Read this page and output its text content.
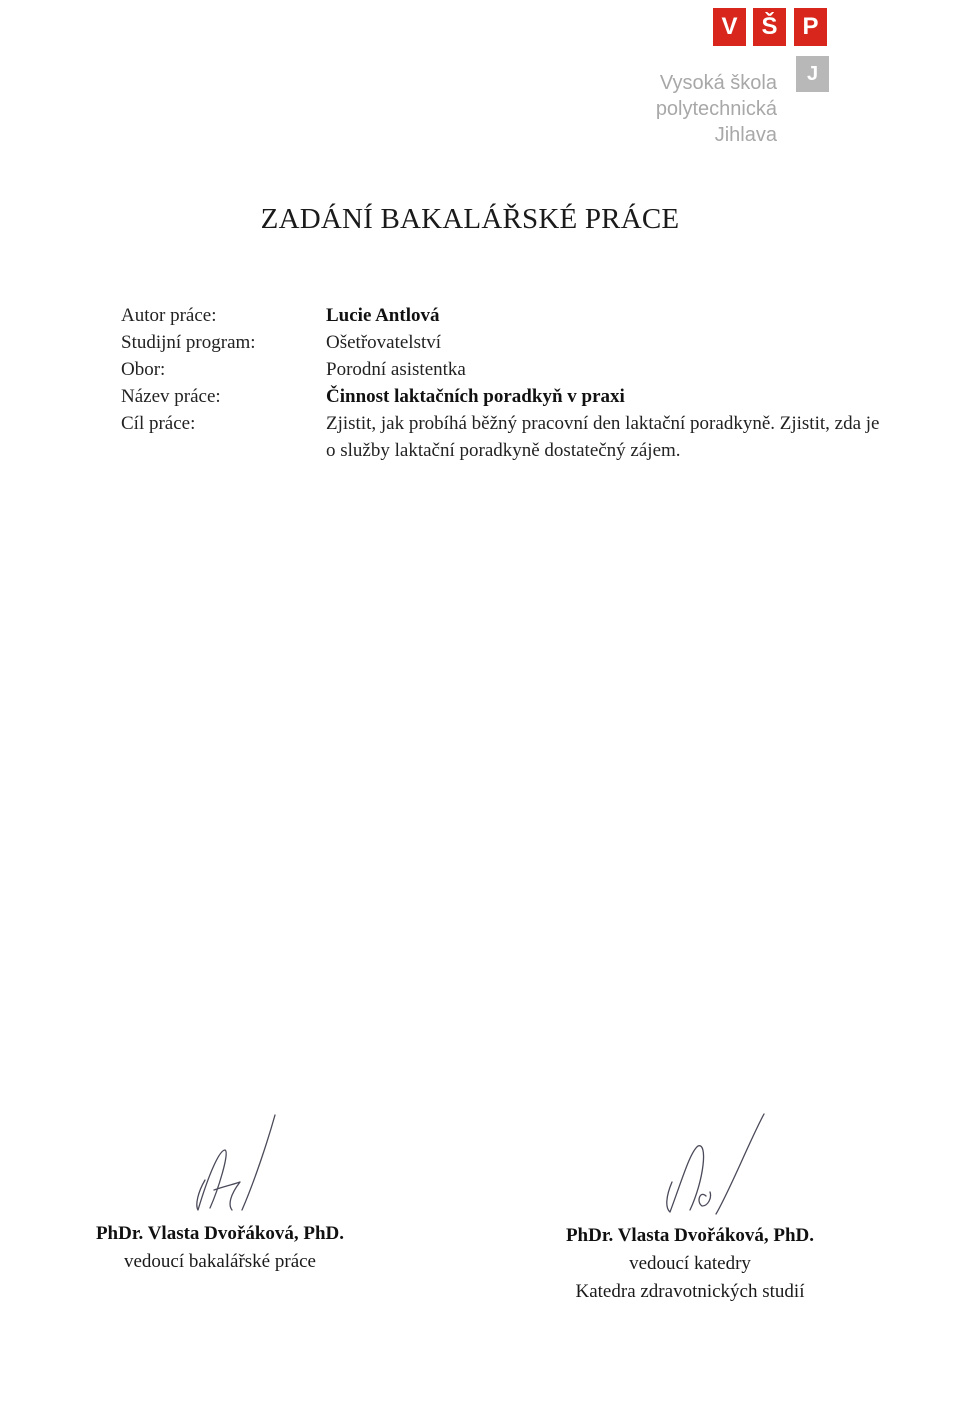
V Š	P
J
Vysoká škola
polytechnická
Jihlava
ZADÁNÍ BAKALÁŘSKÉ PRÁCE
Autor práce:	Lucie Antlová
Studijní program:	Ošetřovatelství
Obor:	Porodní asistentka
Název práce:	Činnost laktačních poradkyň v praxi
Cíl práce:	Zjistit, jak probíhá běžný pracovní den laktační poradkyně. Zjistit, zda je o služby laktační poradkyně dostatečný zájem.
PhDr. Vlasta Dvořáková, PhD.
vedoucí bakalářské práce
PhDr. Vlasta Dvořáková, PhD.
vedoucí katedry
Katedra zdravotnických studií
